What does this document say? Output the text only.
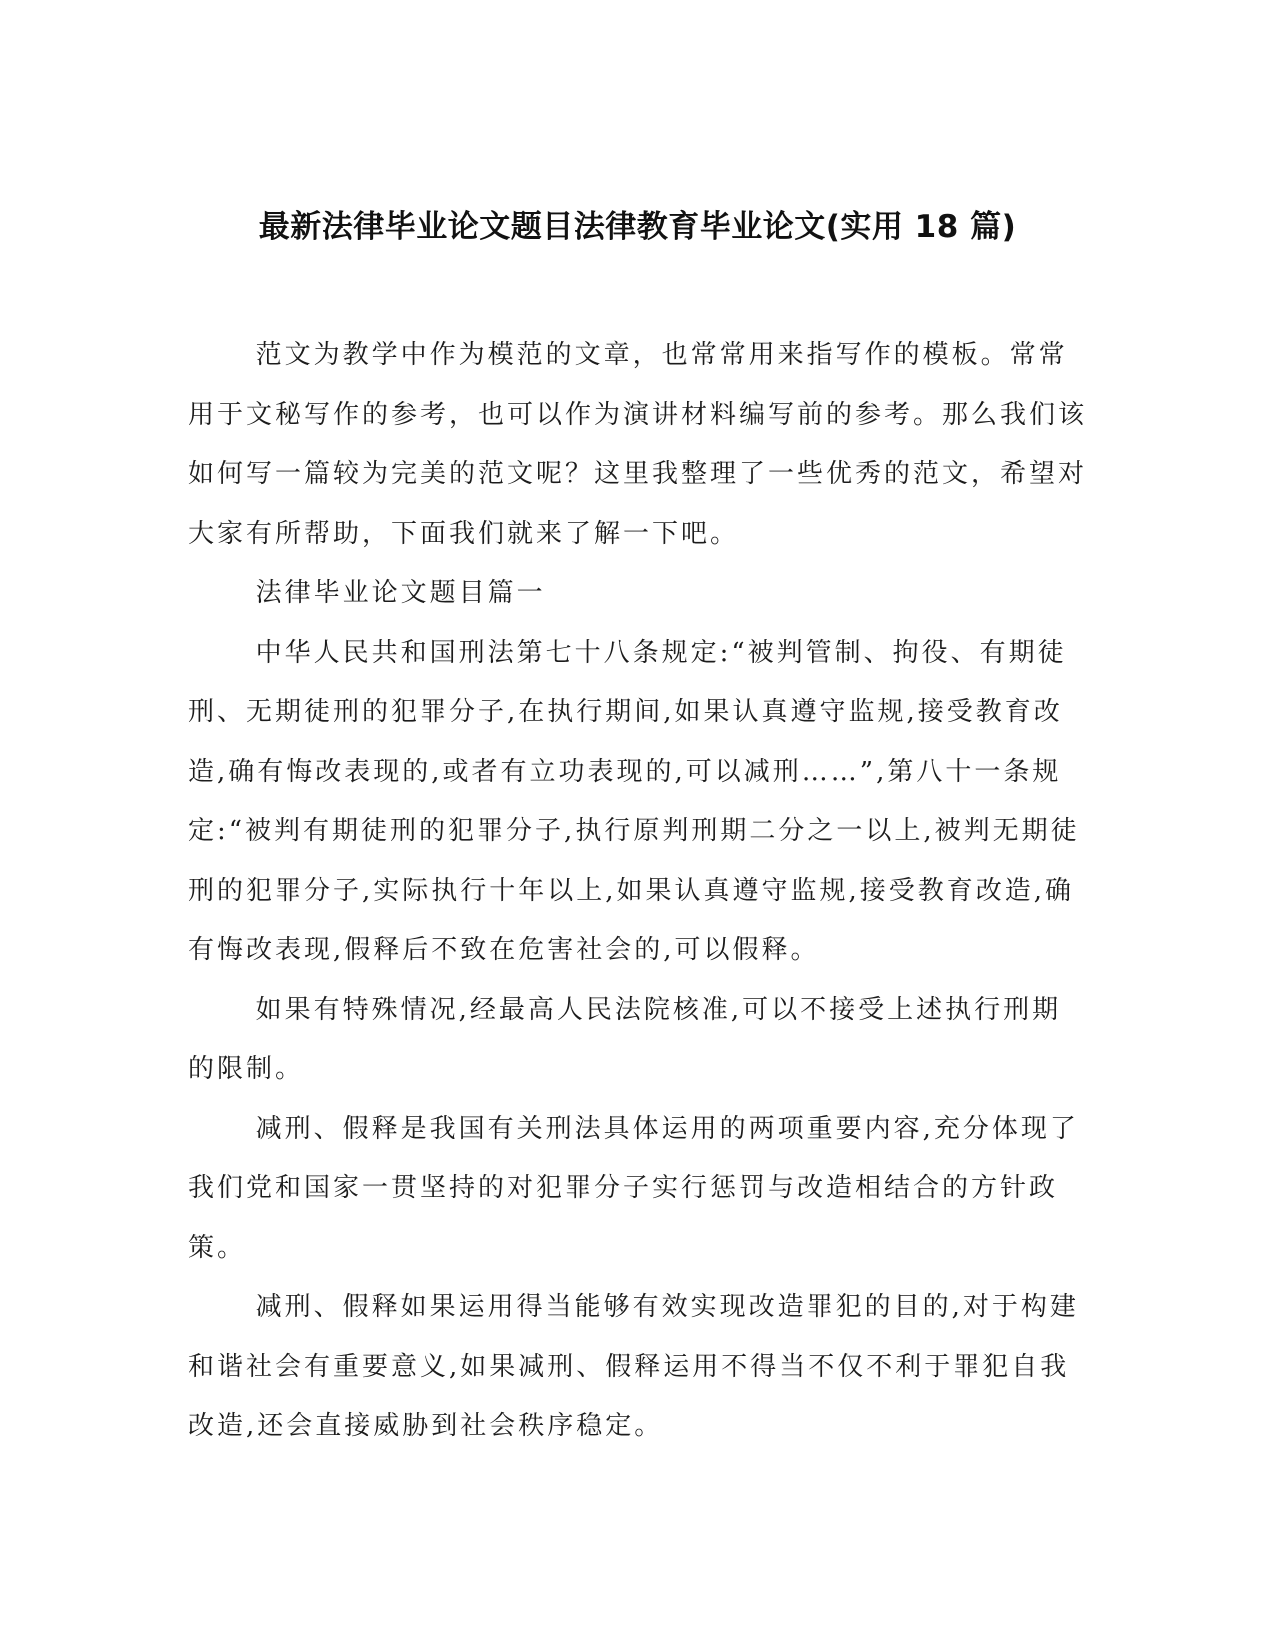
最新法律毕业论文题目法律教育毕业论文(实用 18 篇)

范文为教学中作为模范的文章，也常常用来指写作的模板。常常用于文秘写作的参考，也可以作为演讲材料编写前的参考。那么我们该如何写一篇较为完美的范文呢？这里我整理了一些优秀的范文，希望对大家有所帮助，下面我们就来了解一下吧。

法律毕业论文题目篇一

中华人民共和国刑法第七十八条规定:“被判管制、拘役、有期徒刑、无期徒刑的犯罪分子,在执行期间,如果认真遵守监规,接受教育改造,确有悔改表现的,或者有立功表现的,可以减刑……”,第八十一条规定:“被判有期徒刑的犯罪分子,执行原判刑期二分之一以上,被判无期徒刑的犯罪分子,实际执行十年以上,如果认真遵守监规,接受教育改造,确有悔改表现,假释后不致在危害社会的,可以假释。

如果有特殊情况,经最高人民法院核准,可以不接受上述执行刑期的限制。

减刑、假释是我国有关刑法具体运用的两项重要内容,充分体现了我们党和国家一贯坚持的对犯罪分子实行惩罚与改造相结合的方针政策。

减刑、假释如果运用得当能够有效实现改造罪犯的目的,对于构建和谐社会有重要意义,如果减刑、假释运用不得当不仅不利于罪犯自我改造,还会直接威胁到社会秩序稳定。
